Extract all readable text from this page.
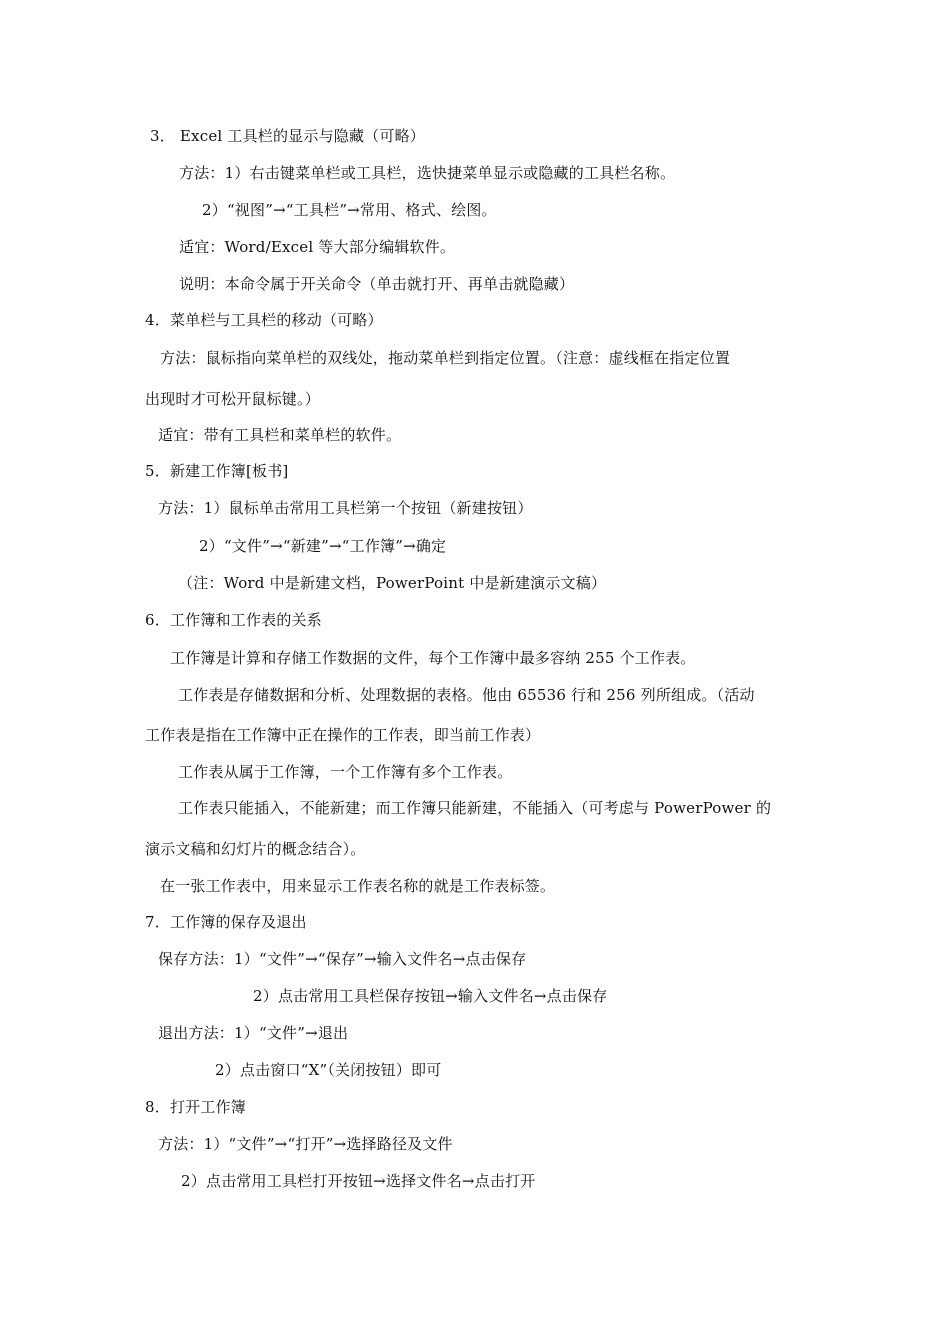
3． Excel 工具栏的显示与隐藏（可略）
方法：1）右击键菜单栏或工具栏，选快捷菜单显示或隐藏的工具栏名称。
2）“视图”→“工具栏”→常用、格式、绘图。
适宜：Word/Excel 等大部分编辑软件。
说明：本命令属于开关命令（单击就打开、再单击就隐藏）
4．菜单栏与工具栏的移动（可略）
方法：鼠标指向菜单栏的双线处，拖动菜单栏到指定位置。（注意：虚线框在指定位置
出现时才可松开鼠标键。）
适宜：带有工具栏和菜单栏的软件。
5．新建工作簿[板书]
方法：1）鼠标单击常用工具栏第一个按钮（新建按钮）
2）“文件”→“新建”→“工作簿”→确定
（注：Word 中是新建文档，PowerPoint 中是新建演示文稿）
6．工作簿和工作表的关系
工作簿是计算和存储工作数据的文件，每个工作簿中最多容纳 255 个工作表。
工作表是存储数据和分析、处理数据的表格。他由 65536 行和 256 列所组成。（活动
工作表是指在工作簿中正在操作的工作表，即当前工作表）
工作表从属于工作簿，一个工作簿有多个工作表。
工作表只能插入，不能新建；而工作簿只能新建，不能插入（可考虑与 PowerPower 的
演示文稿和幻灯片的概念结合）。
在一张工作表中，用来显示工作表名称的就是工作表标签。
7．工作簿的保存及退出
保存方法：1）“文件”→“保存”→输入文件名→点击保存
2）点击常用工具栏保存按钮→输入文件名→点击保存
退出方法：1）“文件”→退出
2）点击窗口“X”（关闭按钮）即可
8．打开工作簿
方法：1）“文件”→“打开”→选择路径及文件
2）点击常用工具栏打开按钮→选择文件名→点击打开
